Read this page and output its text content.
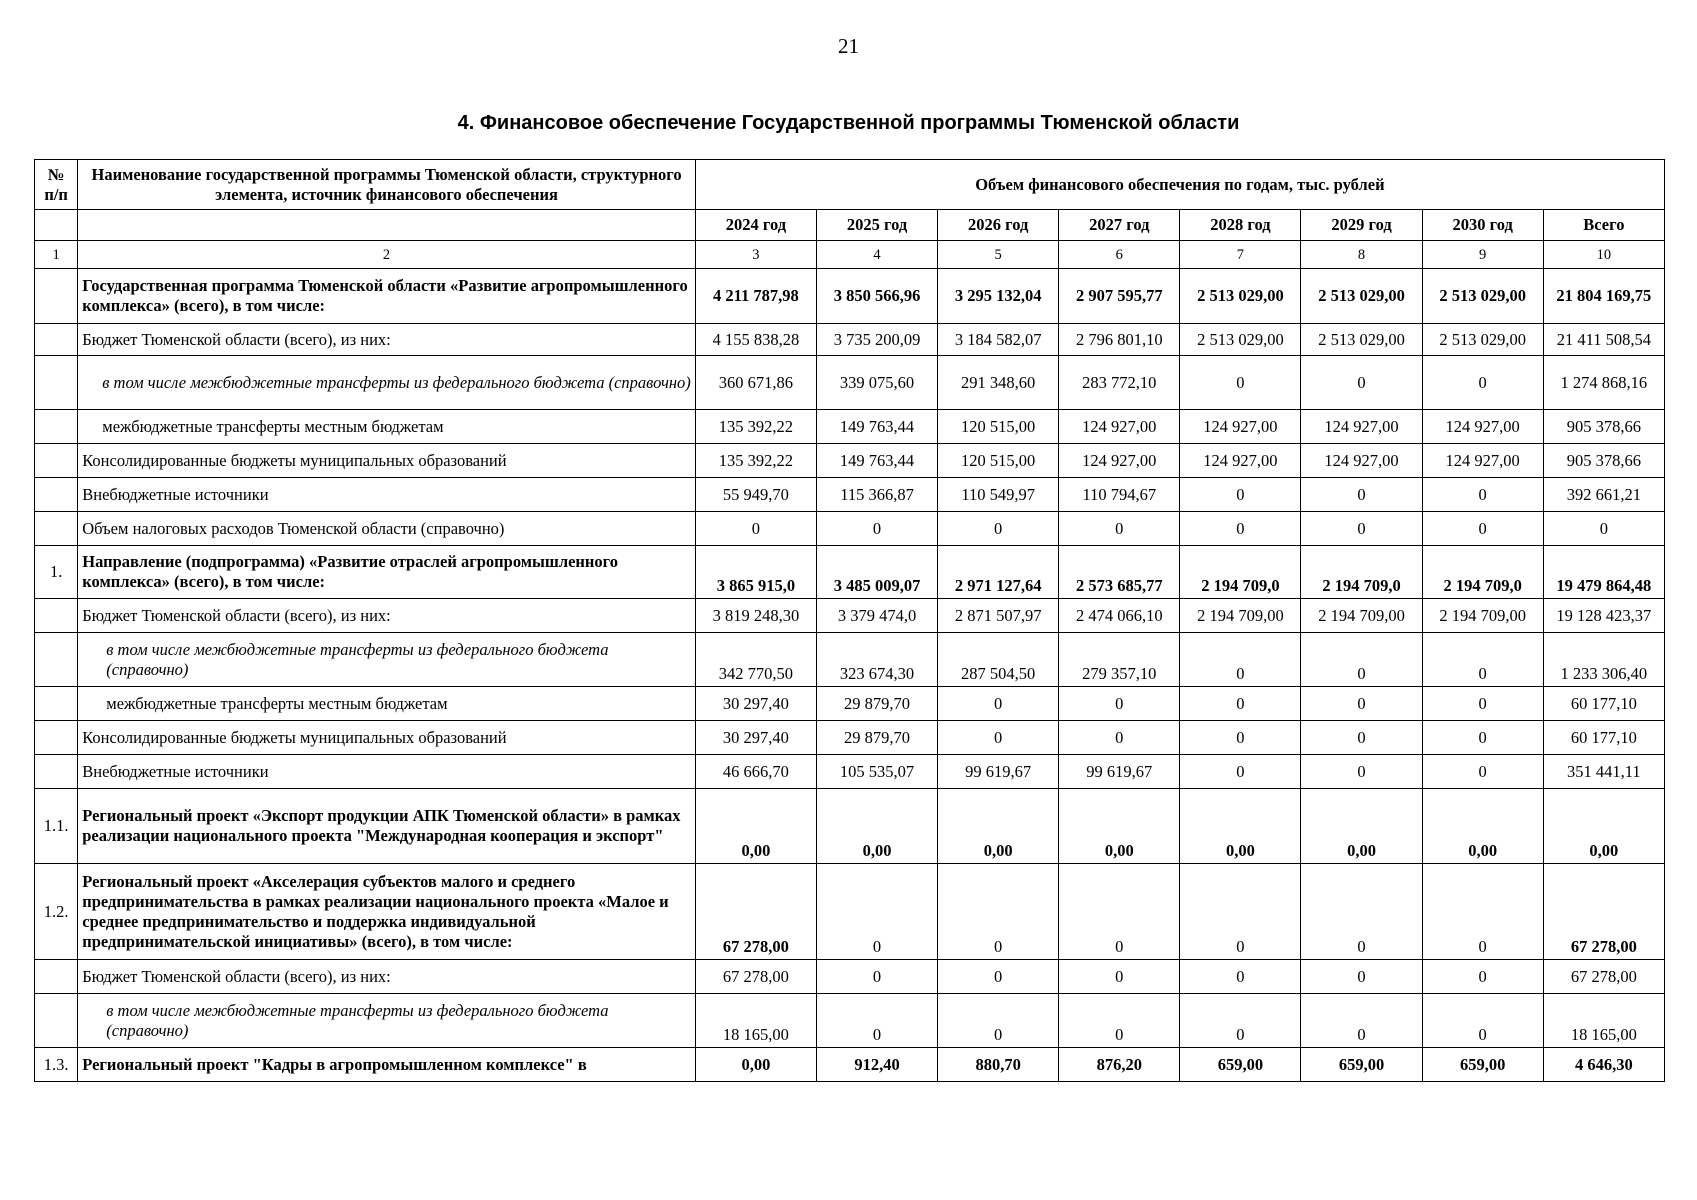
21
4. Финансовое обеспечение Государственной программы Тюменской области
№ п/п	Наименование государственной программы Тюменской области, структурного элемента, источник финансового обеспечения	Объем финансового обеспечения по годам, тыс. рублей							
		2024 год	2025 год	2026 год	2027 год	2028 год	2029 год	2030 год	Всего
1	2	3	4	5	6	7	8	9	10
	Государственная программа Тюменской области «Развитие агропромышленного комплекса» (всего), в том числе:	4 211 787,98	3 850 566,96	3 295 132,04	2 907 595,77	2 513 029,00	2 513 029,00	2 513 029,00	21 804 169,75
	Бюджет Тюменской области (всего), из них:	4 155 838,28	3 735 200,09	3 184 582,07	2 796 801,10	2 513 029,00	2 513 029,00	2 513 029,00	21 411 508,54
	в том числе межбюджетные трансферты из федерального бюджета (справочно)	360 671,86	339 075,60	291 348,60	283 772,10	0	0	0	1 274 868,16
	межбюджетные трансферты местным бюджетам	135 392,22	149 763,44	120 515,00	124 927,00	124 927,00	124 927,00	124 927,00	905 378,66
	Консолидированные бюджеты муниципальных образований	135 392,22	149 763,44	120 515,00	124 927,00	124 927,00	124 927,00	124 927,00	905 378,66
	Внебюджетные источники	55 949,70	115 366,87	110 549,97	110 794,67	0	0	0	392 661,21
	Объем налоговых расходов Тюменской области (справочно)	0	0	0	0	0	0	0	0
1.	Направление (подпрограмма) «Развитие отраслей агропромышленного комплекса» (всего), в том числе:	3 865 915,0	3 485 009,07	2 971 127,64	2 573 685,77	2 194 709,0	2 194 709,0	2 194 709,0	19 479 864,48
	Бюджет Тюменской области (всего), из них:	3 819 248,30	3 379 474,0	2 871 507,97	2 474 066,10	2 194 709,00	2 194 709,00	2 194 709,00	19 128 423,37
	в том числе межбюджетные трансферты из федерального бюджета (справочно)	342 770,50	323 674,30	287 504,50	279 357,10	0	0	0	1 233 306,40
	межбюджетные трансферты местным бюджетам	30 297,40	29 879,70	0	0	0	0	0	60 177,10
	Консолидированные бюджеты муниципальных образований	30 297,40	29 879,70	0	0	0	0	0	60 177,10
	Внебюджетные источники	46 666,70	105 535,07	99 619,67	99 619,67	0	0	0	351 441,11
1.1.	Региональный проект «Экспорт продукции АПК Тюменской области» в рамках реализации национального проекта "Международная кооперация и экспорт"	0,00	0,00	0,00	0,00	0,00	0,00	0,00	0,00
1.2.	Региональный проект «Акселерация субъектов малого и среднего предпринимательства в рамках реализации национального проекта «Малое и среднее предпринимательство и поддержка индивидуальной предпринимательской инициативы» (всего), в том числе:	67 278,00	0	0	0	0	0	0	67 278,00
	Бюджет Тюменской области (всего), из них:	67 278,00	0	0	0	0	0	0	67 278,00
	в том числе межбюджетные трансферты из федерального бюджета (справочно)	18 165,00	0	0	0	0	0	0	18 165,00
1.3.	Региональный проект "Кадры в агропромышленном комплексе" в	0,00	912,40	880,70	876,20	659,00	659,00	659,00	4 646,30
